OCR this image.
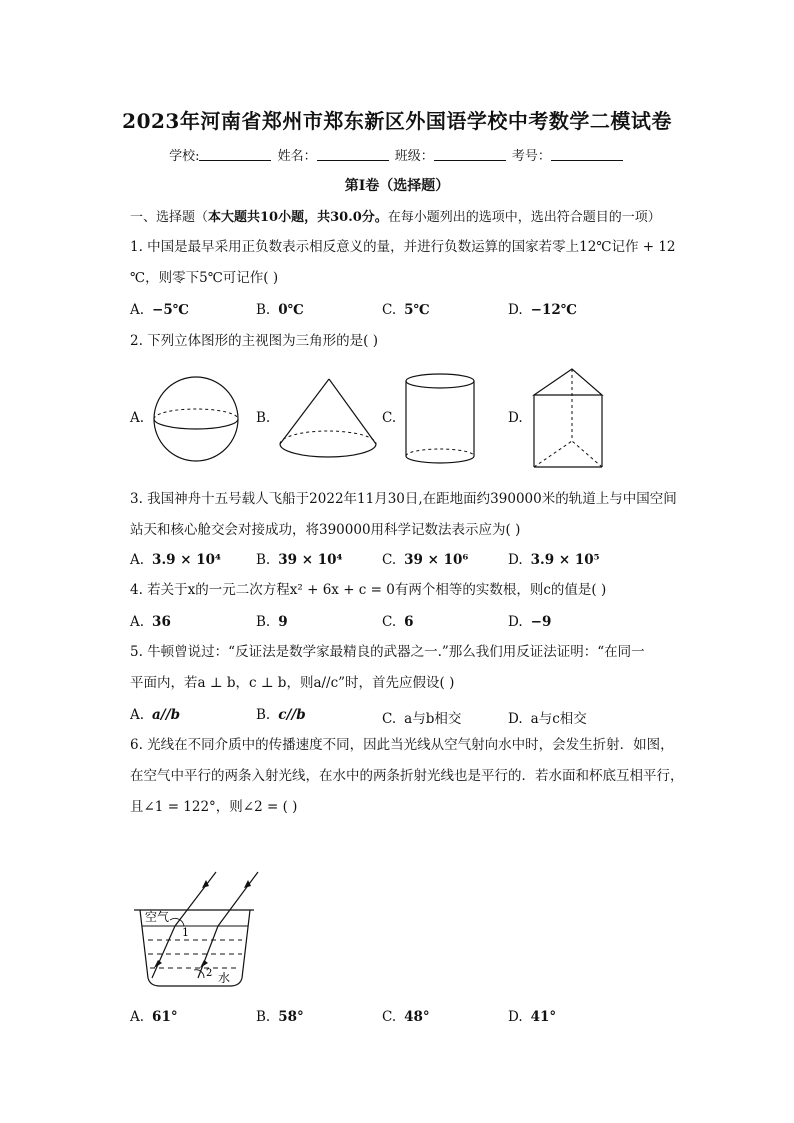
2023年河南省郑州市郑东新区外国语学校中考数学二模试卷
学校:	姓名：	班级：	考号：
第Ⅰ卷（选择题）
一、选择题（本大题共10小题，共30.0分。在每小题列出的选项中，选出符合题目的一项）
1. 中国是最早采用正负数表示相反意义的量，并进行负数运算的国家若零上12℃记作 + 12
℃，则零下5℃可记作( )
A. −5℃	B. 0℃	C. 5℃	D. −12℃
2. 下列立体图形的主视图为三角形的是( )
A.	B.	C.	D.
3. 我国神舟十五号载人飞船于2022年11月30日,在距地面约390000米的轨道上与中国空间
站天和核心舱交会对接成功，将390000用科学记数法表示应为( )
A. 3.9 × 10⁴	B. 39 × 10⁴	C. 39 × 10⁶	D. 3.9 × 10⁵
4. 若关于x的一元二次方程x² + 6x + c = 0有两个相等的实数根，则c的值是( )
A. 36	B. 9	C. 6	D. −9
5. 牛顿曾说过：“反证法是数学家最精良的武器之一.”那么我们用反证法证明：“在同一
平面内，若a ⊥ b，c ⊥ b，则a//c”时，首先应假设( )
A. a//b	B. c//b	C. a与b相交	D. a与c相交
6. 光线在不同介质中的传播速度不同，因此当光线从空气射向水中时，会发生折射．如图，
在空气中平行的两条入射光线，在水中的两条折射光线也是平行的．若水面和杯底互相平行，
且∠1 = 122°，则∠2 = ( )
空气
1
2 水
A. 61°	B. 58°	C. 48°	D. 41°
